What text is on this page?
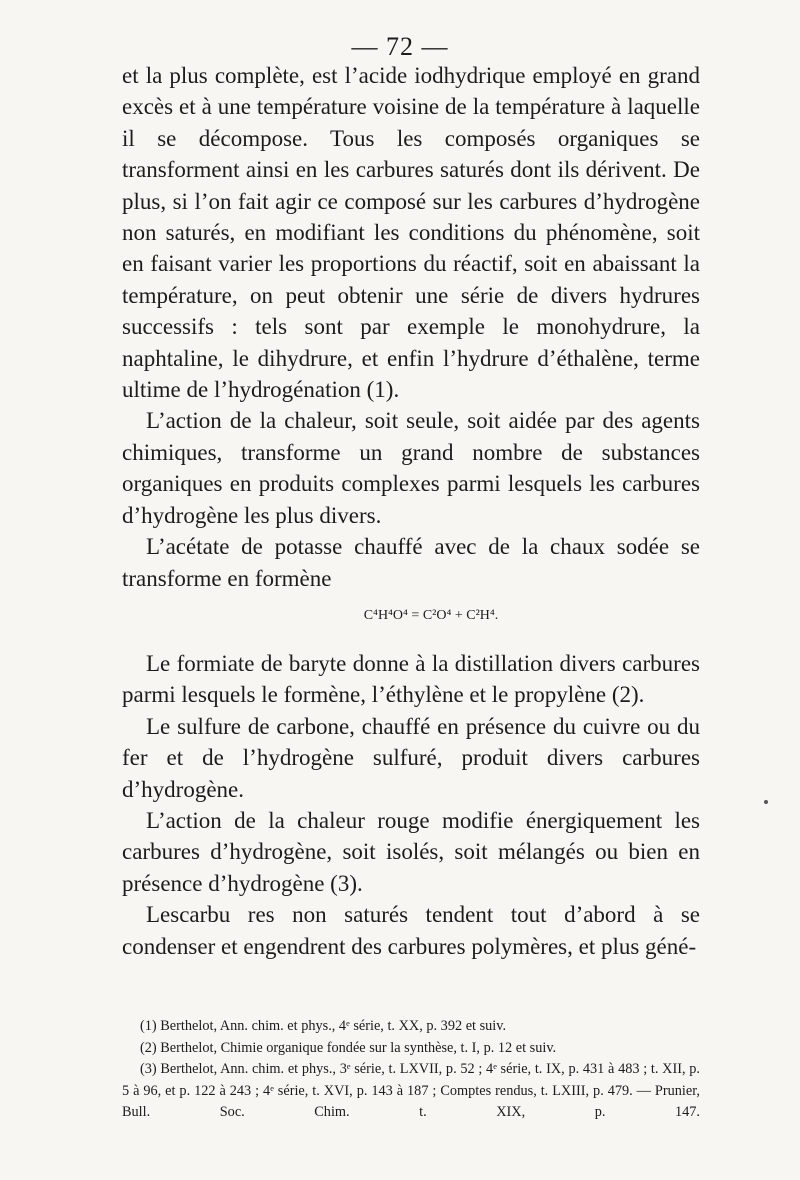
— 72 —

et la plus complète, est l’acide iodhydrique employé en grand excès et à une température voisine de la température à laquelle il se décompose. Tous les composés organiques se transforment ainsi en les carbures saturés dont ils dérivent. De plus, si l’on fait agir ce composé sur les carbures d’hydrogène non saturés, en modifiant les conditions du phénomène, soit en faisant varier les proportions du réactif, soit en abaissant la température, on peut obtenir une série de divers hydrures successifs : tels sont par exemple le monohydrure, la naphtaline, le dihydrure, et enfin l’hydrure d’éthalène, terme ultime de l’hydrogénation (1).

L’action de la chaleur, soit seule, soit aidée par des agents chimiques, transforme un grand nombre de substances organiques en produits complexes parmi lesquels les carbures d’hydrogène les plus divers.

L’acétate de potasse chauffé avec de la chaux sodée se transforme en formène

C⁴H⁴O⁴ = C²O⁴ + C²H⁴.

Le formiate de baryte donne à la distillation divers carbures parmi lesquels le formène, l’éthylène et le propylène (2).

Le sulfure de carbone, chauffé en présence du cuivre ou du fer et de l’hydrogène sulfuré, produit divers carbures d’hydrogène.

L’action de la chaleur rouge modifie énergiquement les carbures d’hydrogène, soit isolés, soit mélangés ou bien en présence d’hydrogène (3).

Lescarbu res non saturés tendent tout d’abord à se condenser et engendrent des carbures polymères, et plus géné-

(1) Berthelot, Ann. chim. et phys., 4ᵉ série, t. XX, p. 392 et suiv.

(2) Berthelot, Chimie organique fondée sur la synthèse, t. I, p. 12 et suiv.

(3) Berthelot, Ann. chim. et phys., 3ᵉ série, t. LXVII, p. 52 ; 4ᵉ série, t. IX, p. 431 à 483 ; t. XII, p. 5 à 96, et p. 122 à 243 ; 4ᵉ série, t. XVI, p. 143 à 187 ; Comptes rendus, t. LXIII, p. 479. — Prunier, Bull. Soc. Chim. t. XIX, p. 147.
